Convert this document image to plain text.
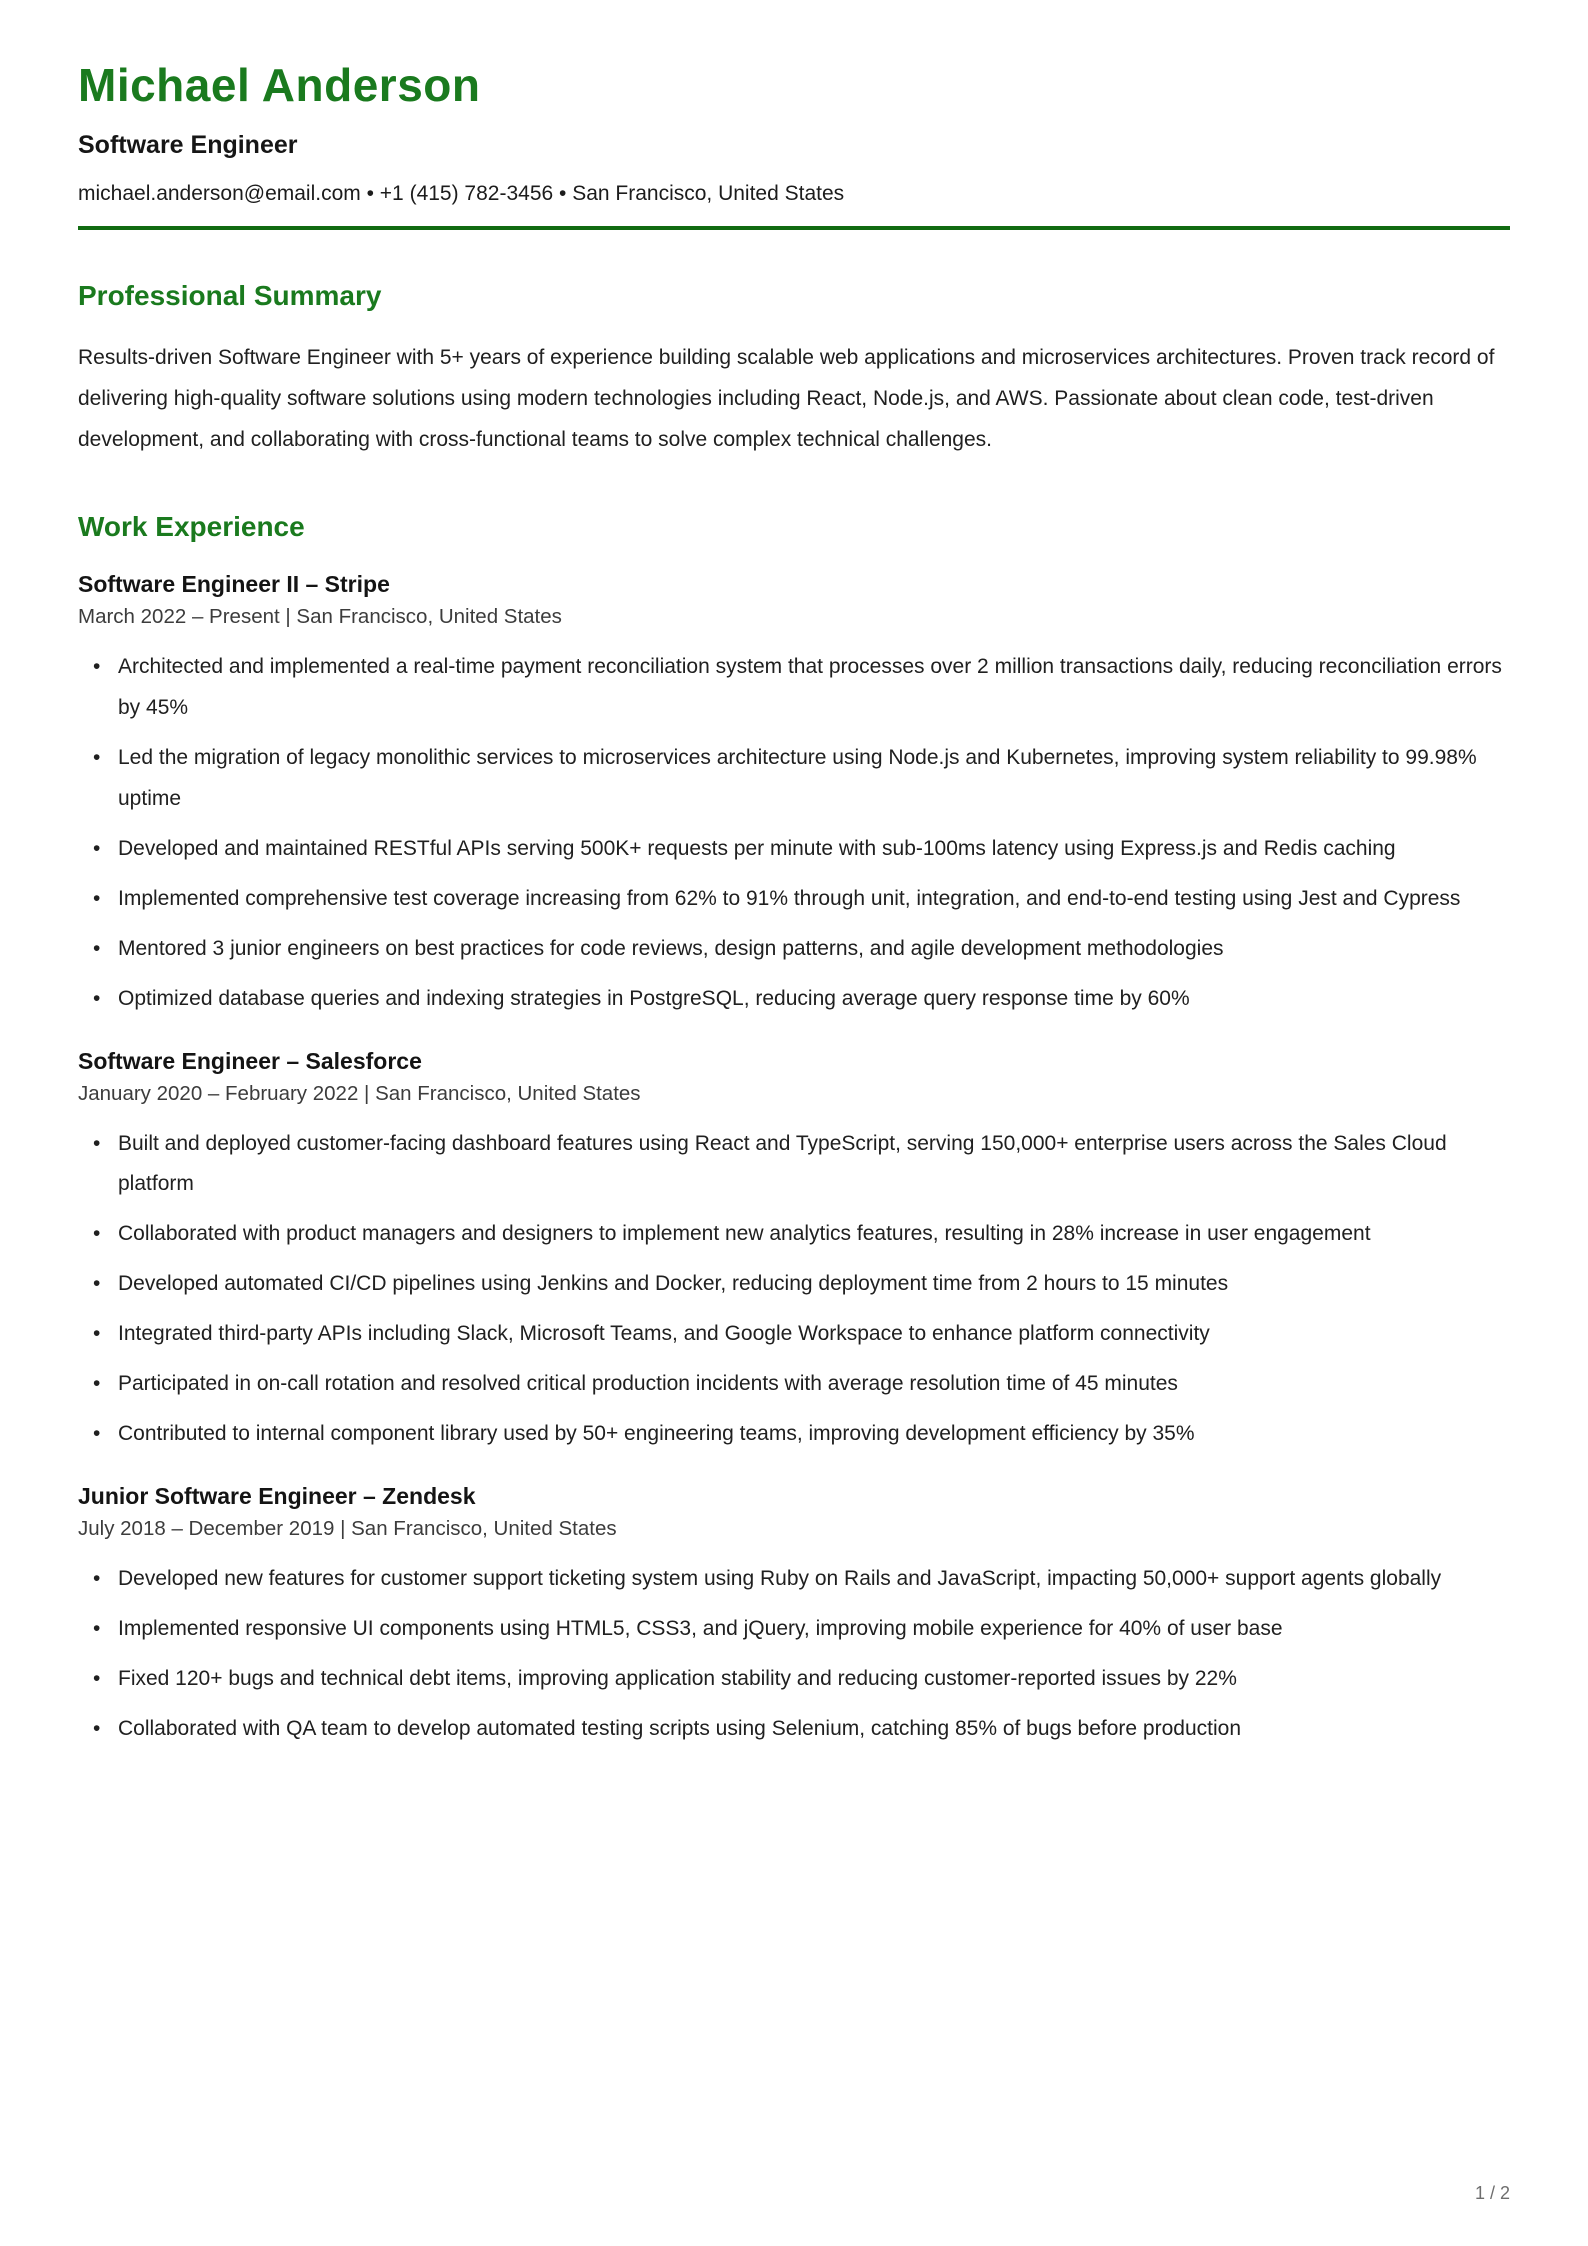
Michael Anderson

Software Engineer

michael.anderson@email.com • +1 (415) 782-3456 • San Francisco, United States

Professional Summary

Results-driven Software Engineer with 5+ years of experience building scalable web applications and microservices architectures. Proven track record of delivering high-quality software solutions using modern technologies including React, Node.js, and AWS. Passionate about clean code, test-driven development, and collaborating with cross-functional teams to solve complex technical challenges.

Work Experience
Software Engineer II – Stripe

March 2022 – Present | San Francisco, United States

• Architected and implemented a real-time payment reconciliation system that processes over 2 million transactions daily, reducing reconciliation errors by 45%
• Led the migration of legacy monolithic services to microservices architecture using Node.js and Kubernetes, improving system reliability to 99.98% uptime
• Developed and maintained RESTful APIs serving 500K+ requests per minute with sub-100ms latency using Express.js and Redis caching
• Implemented comprehensive test coverage increasing from 62% to 91% through unit, integration, and end-to-end testing using Jest and Cypress
• Mentored 3 junior engineers on best practices for code reviews, design patterns, and agile development methodologies
• Optimized database queries and indexing strategies in PostgreSQL, reducing average query response time by 60%
Software Engineer – Salesforce

January 2020 – February 2022 | San Francisco, United States

• Built and deployed customer-facing dashboard features using React and TypeScript, serving 150,000+ enterprise users across the Sales Cloud platform
• Collaborated with product managers and designers to implement new analytics features, resulting in 28% increase in user engagement
• Developed automated CI/CD pipelines using Jenkins and Docker, reducing deployment time from 2 hours to 15 minutes
• Integrated third-party APIs including Slack, Microsoft Teams, and Google Workspace to enhance platform connectivity
• Participated in on-call rotation and resolved critical production incidents with average resolution time of 45 minutes
• Contributed to internal component library used by 50+ engineering teams, improving development efficiency by 35%
Junior Software Engineer – Zendesk

July 2018 – December 2019 | San Francisco, United States

• Developed new features for customer support ticketing system using Ruby on Rails and JavaScript, impacting 50,000+ support agents globally
• Implemented responsive UI components using HTML5, CSS3, and jQuery, improving mobile experience for 40% of user base
• Fixed 120+ bugs and technical debt items, improving application stability and reducing customer-reported issues by 22%
• Collaborated with QA team to develop automated testing scripts using Selenium, catching 85% of bugs before production
1 / 2
